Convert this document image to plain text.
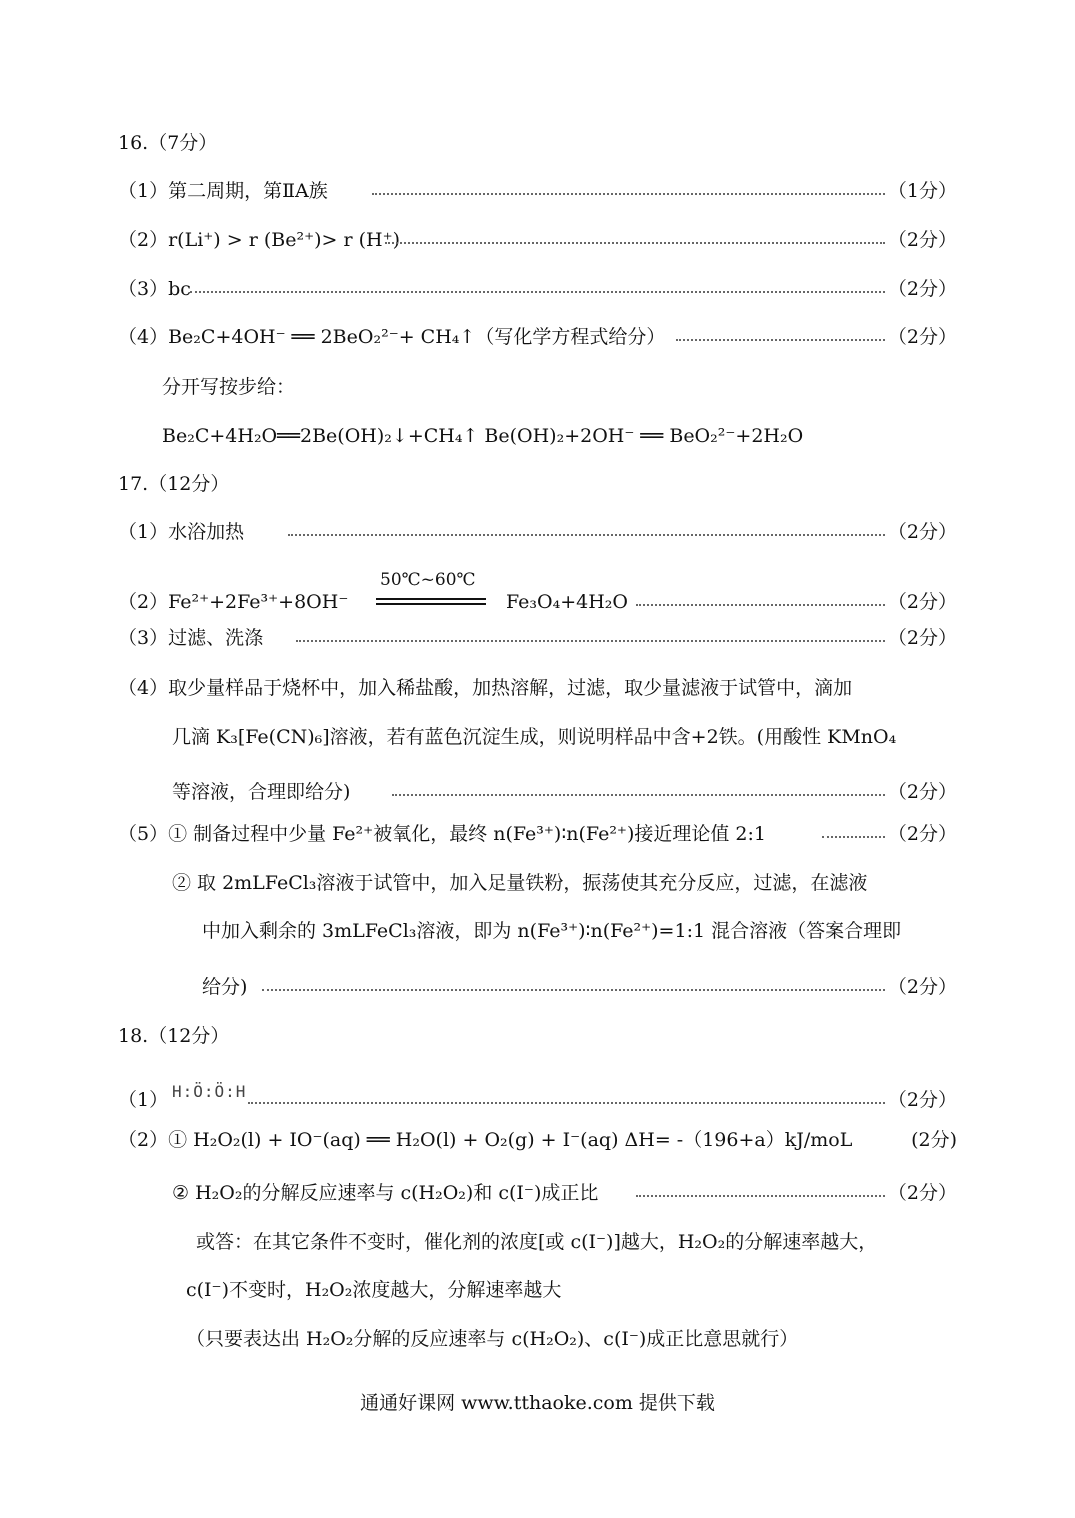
16.（7分）
（1）第二周期，第ⅡA族	（1分）
（2）r(Li⁺) > r (Be²⁺)> r (H⁺)	（2分）
（3）bc	（2分）
（4）Be₂C+4OH⁻ ══ 2BeO₂²⁻+ CH₄↑（写化学方程式给分）	（2分）
分开写按步给：
Be₂C+4H₂O══2Be(OH)₂↓+CH₄↑ Be(OH)₂+2OH⁻ ══ BeO₂²⁻+2H₂O
17.（12分）
（1）水浴加热	（2分）
（2）Fe²⁺+2Fe³⁺+8OH⁻
50℃~60℃
Fe₃O₄+4H₂O	（2分）
（3）过滤、洗涤	（2分）
（4）取少量样品于烧杯中，加入稀盐酸，加热溶解，过滤，取少量滤液于试管中，滴加
几滴 K₃[Fe(CN)₆]溶液，若有蓝色沉淀生成，则说明样品中含+2铁。(用酸性 KMnO₄
等溶液，合理即给分)	（2分）
（5）① 制备过程中少量 Fe²⁺被氧化，最终 n(Fe³⁺)∶n(Fe²⁺)接近理论值 2:1	（2分）
② 取 2mLFeCl₃溶液于试管中，加入足量铁粉，振荡使其充分反应，过滤，在滤液
中加入剩余的 3mLFeCl₃溶液，即为 n(Fe³⁺)∶n(Fe²⁺)=1:1 混合溶液（答案合理即
给分)	（2分）
18.（12分）
（1） H:Ö:Ö:H	（2分）
（2）① H₂O₂(l) + IO⁻(aq) ══ H₂O(l) + O₂(g) + I⁻(aq) ΔH= -（196+a）kJ/moL	(2分)
② H₂O₂的分解反应速率与 c(H₂O₂)和 c(I⁻)成正比	（2分）
或答：在其它条件不变时，催化剂的浓度[或 c(I⁻)]越大，H₂O₂的分解速率越大，
c(I⁻)不变时，H₂O₂浓度越大，分解速率越大
（只要表达出 H₂O₂分解的反应速率与 c(H₂O₂)、c(I⁻)成正比意思就行）
通通好课网 www.tthaoke.com 提供下载
